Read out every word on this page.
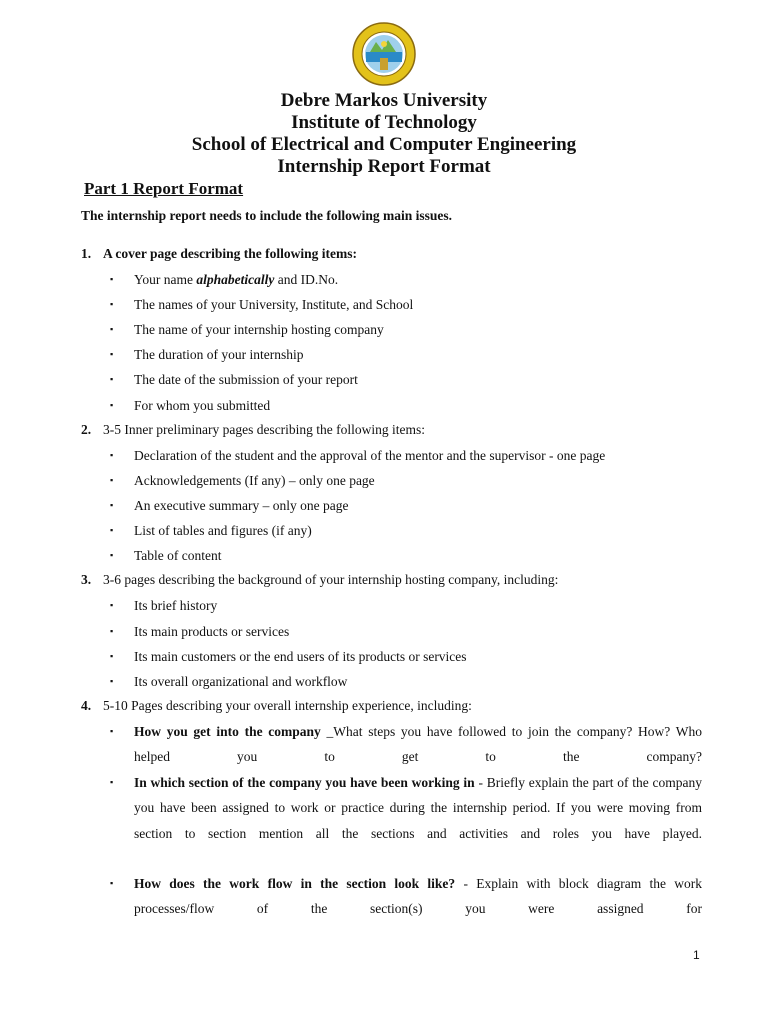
Debre Markos University
Institute of Technology
School of Electrical and Computer Engineering
Internship Report Format
Part 1 Report Format
The internship report needs to include the following main issues.
1. A cover page describing the following items:
▪ Your name alphabetically and ID.No.
▪ The names of your University, Institute, and School
▪ The name of your internship hosting company
▪ The duration of your internship
▪ The date of the submission of your report
▪ For whom you submitted
2. 3-5 Inner preliminary pages describing the following items:
▪ Declaration of the student and the approval of the mentor and the supervisor - one page
▪ Acknowledgements (If any) – only one page
▪ An executive summary – only one page
▪ List of tables and figures (if any)
▪ Table of content
3. 3-6 pages describing the background of your internship hosting company, including:
▪ Its brief history
▪ Its main products or services
▪ Its main customers or the end users of its products or services
▪ Its overall organizational and workflow
4. 5-10 Pages describing your overall internship experience, including:
▪ How you get into the company _What steps you have followed to join the company? How? Who helped you to get to the company?
▪ In which section of the company you have been working in - Briefly explain the part of the company you have been assigned to work or practice during the internship period. If you were moving from section to section mention all the sections and activities and roles you have played.
▪ How does the work flow in the section look like? - Explain with block diagram the work processes/flow of the section(s) you were assigned for
1
